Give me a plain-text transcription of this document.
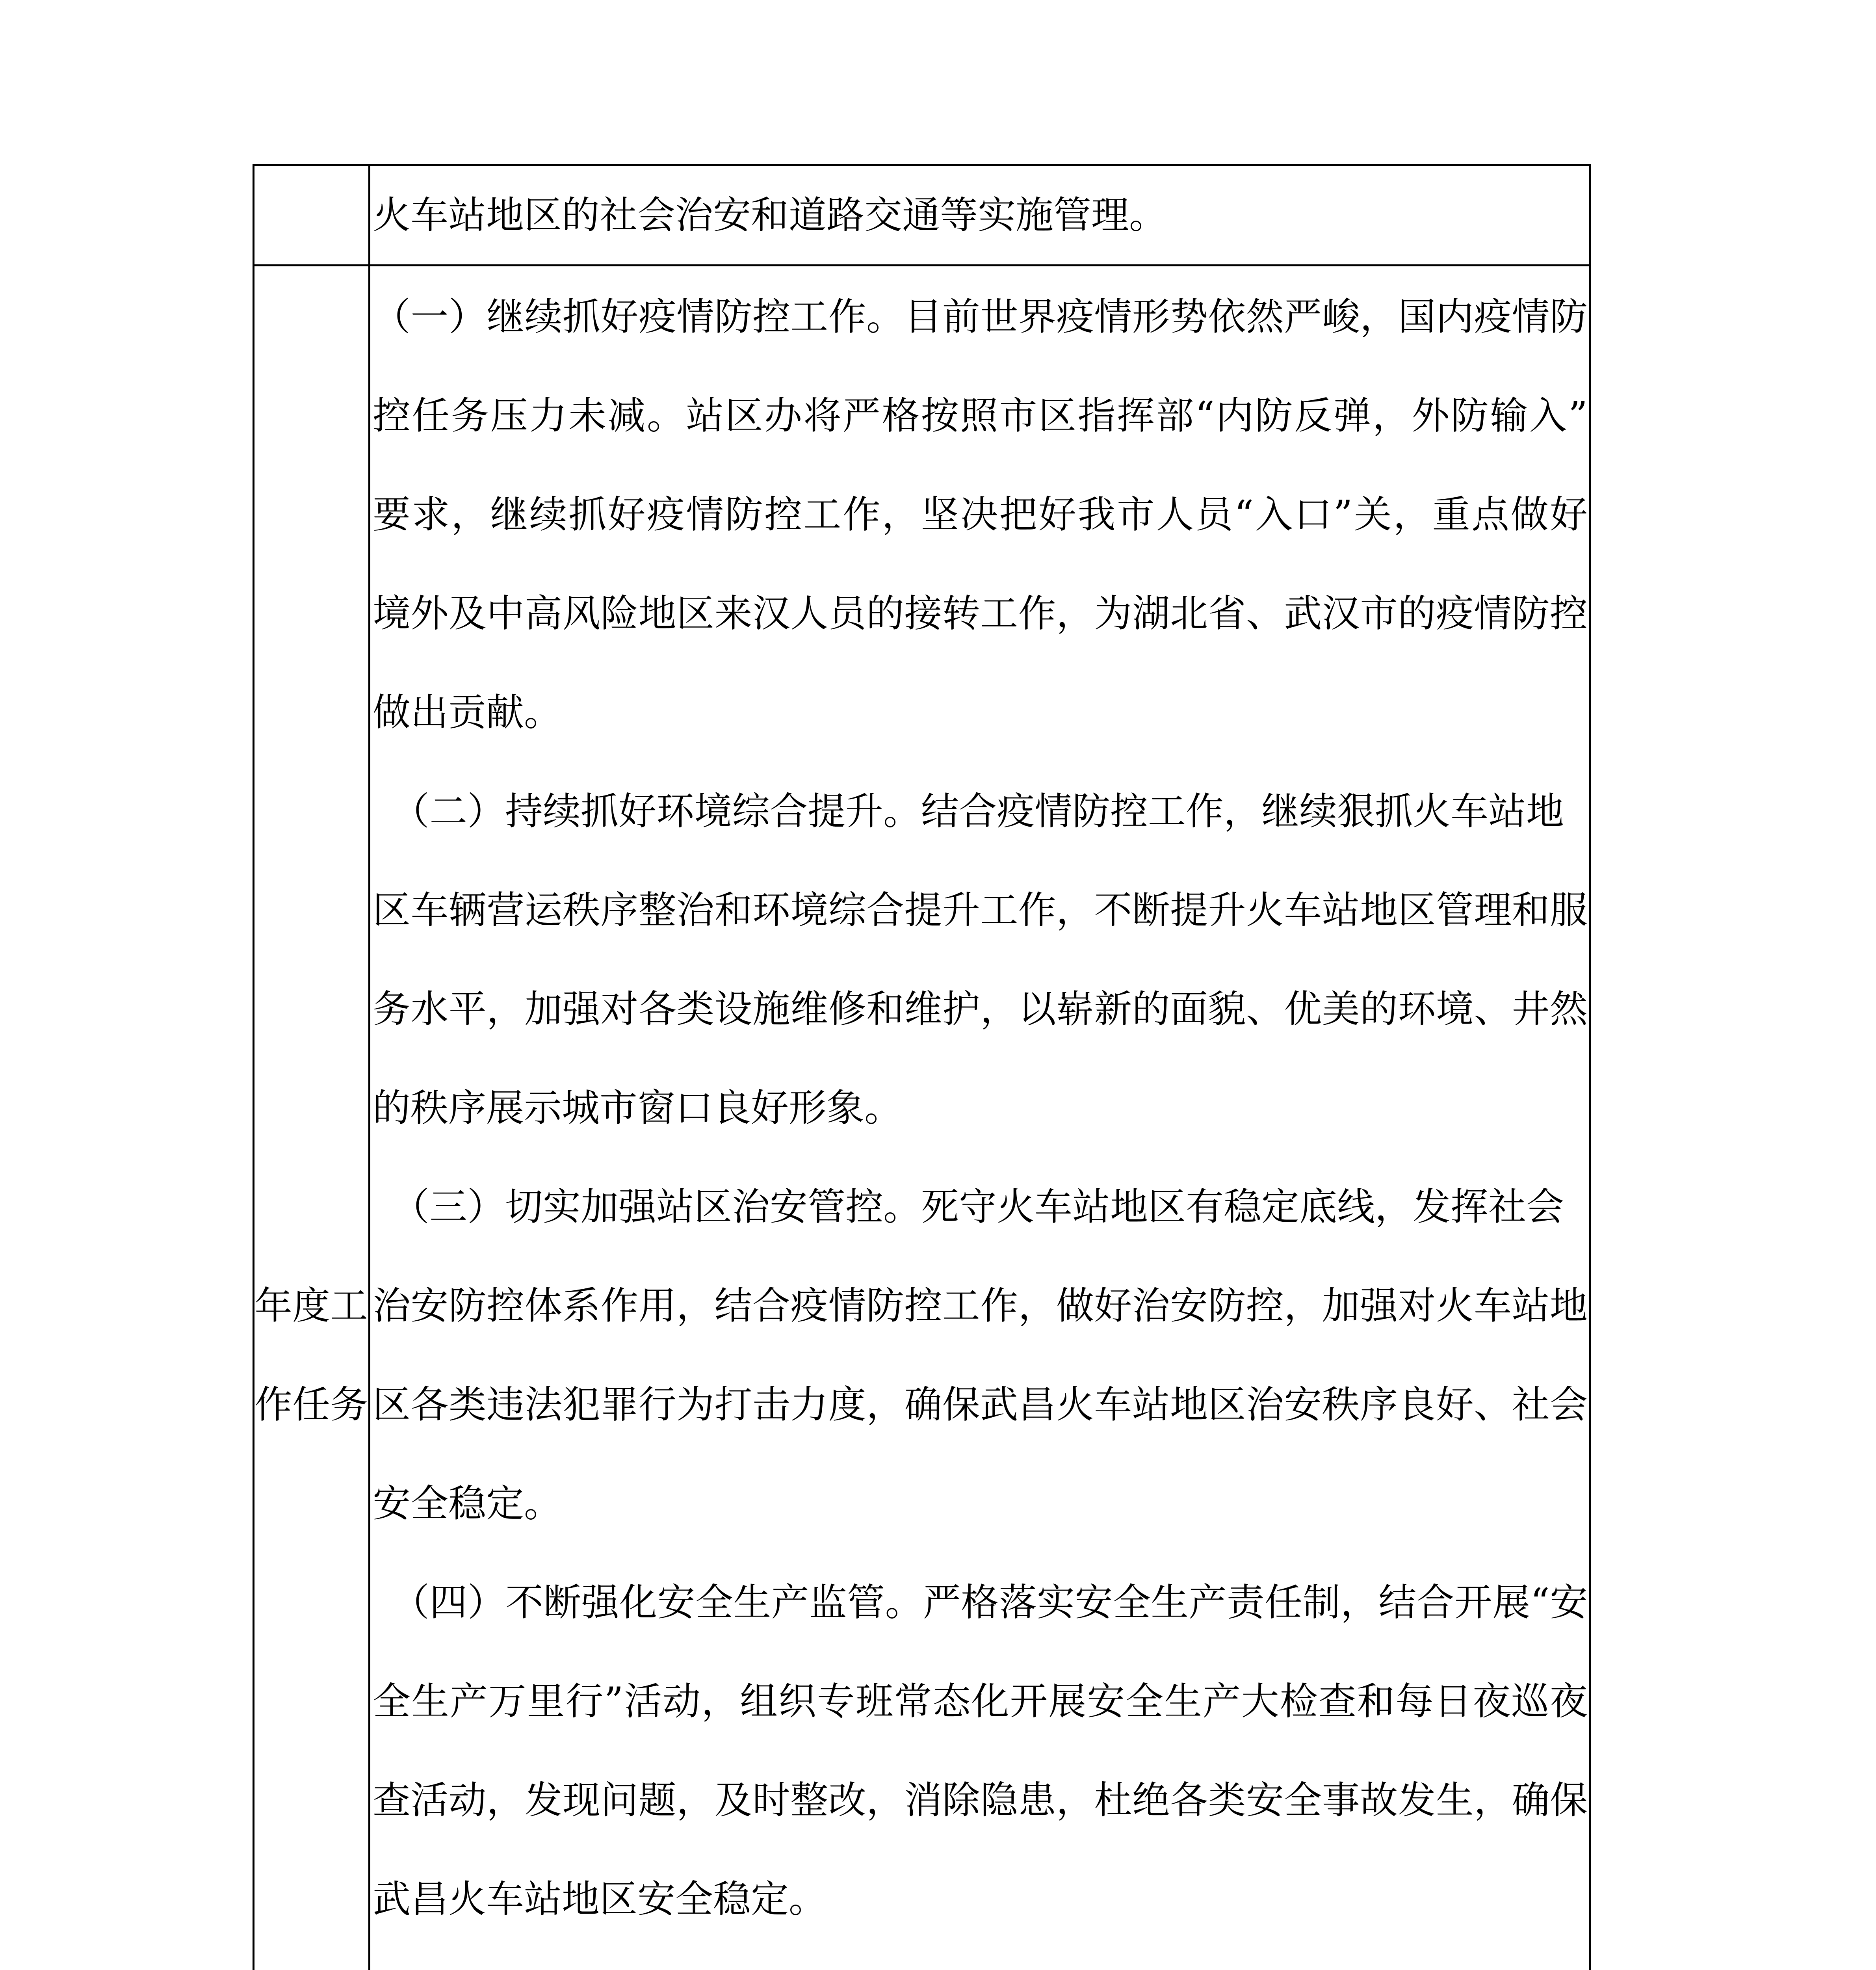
火车站地区的社会治安和道路交通等实施管理。
年度工作任务
（一）继续抓好疫情防控工作。目前世界疫情形势依然严峻，国内疫情防
控任务压力未减。站区办将严格按照市区指挥部“内防反弹，外防输入”
要求，继续抓好疫情防控工作，坚决把好我市人员“入口”关，重点做好
境外及中高风险地区来汉人员的接转工作，为湖北省、武汉市的疫情防控
做出贡献。
（二）持续抓好环境综合提升。结合疫情防控工作，继续狠抓火车站地
区车辆营运秩序整治和环境综合提升工作，不断提升火车站地区管理和服
务水平，加强对各类设施维修和维护，以崭新的面貌、优美的环境、井然
的秩序展示城市窗口良好形象。
（三）切实加强站区治安管控。死守火车站地区有稳定底线，发挥社会
治安防控体系作用，结合疫情防控工作，做好治安防控，加强对火车站地
区各类违法犯罪行为打击力度，确保武昌火车站地区治安秩序良好、社会
安全稳定。
（四）不断强化安全生产监管。严格落实安全生产责任制，结合开展“安
全生产万里行”活动，组织专班常态化开展安全生产大检查和每日夜巡夜
查活动，发现问题，及时整改，消除隐患，杜绝各类安全事故发生，确保
武昌火车站地区安全稳定。
